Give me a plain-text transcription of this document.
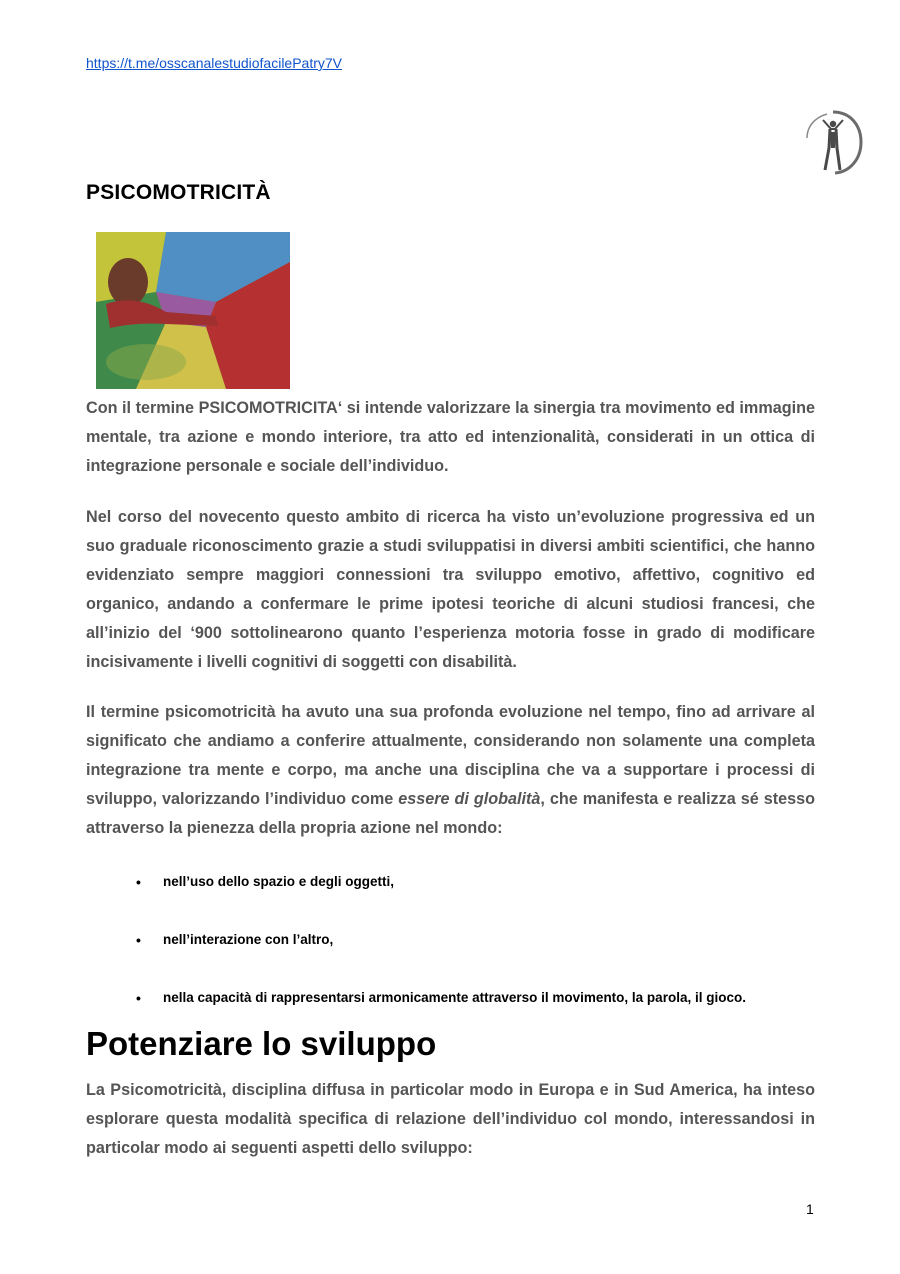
https://t.me/osscanalestudiofacilePatry7V
·····
PSICOMOTRICITÀ

Con il termine PSICOMOTRICITA‘ si intende valorizzare la sinergia tra movimento ed immagine mentale, tra azione e mondo interiore, tra atto ed intenzionalità, considerati in un ottica di integrazione personale e sociale dell’individuo.

Nel corso del novecento questo ambito di ricerca ha visto un’evoluzione progressiva ed un suo graduale riconoscimento grazie a studi sviluppatisi in diversi ambiti scientifici, che hanno evidenziato sempre maggiori connessioni tra sviluppo emotivo, affettivo, cognitivo ed organico, andando a confermare le prime ipotesi teoriche di alcuni studiosi francesi, che all’inizio del ‘900 sottolinearono quanto l’esperienza motoria fosse in grado di modificare incisivamente i livelli cognitivi di soggetti con disabilità.

Il termine psicomotricità ha avuto una sua profonda evoluzione nel tempo, fino ad arrivare al significato che andiamo a conferire attualmente, considerando non solamente una completa integrazione tra mente e corpo, ma anche una disciplina che va a supportare i processi di sviluppo, valorizzando l’individuo come essere di globalità, che manifesta e realizza sé stesso attraverso la pienezza della propria azione nel mondo:

• nell’uso dello spazio e degli oggetti,
• nell’interazione con l’altro,
• nella capacità di rappresentarsi armonicamente attraverso il movimento, la parola, il gioco.
Potenziare lo sviluppo

La Psicomotricità, disciplina diffusa in particolar modo in Europa e in Sud America, ha inteso esplorare questa modalità specifica di relazione dell’individuo col mondo, interessandosi in particolar modo ai seguenti aspetti dello sviluppo:

1
